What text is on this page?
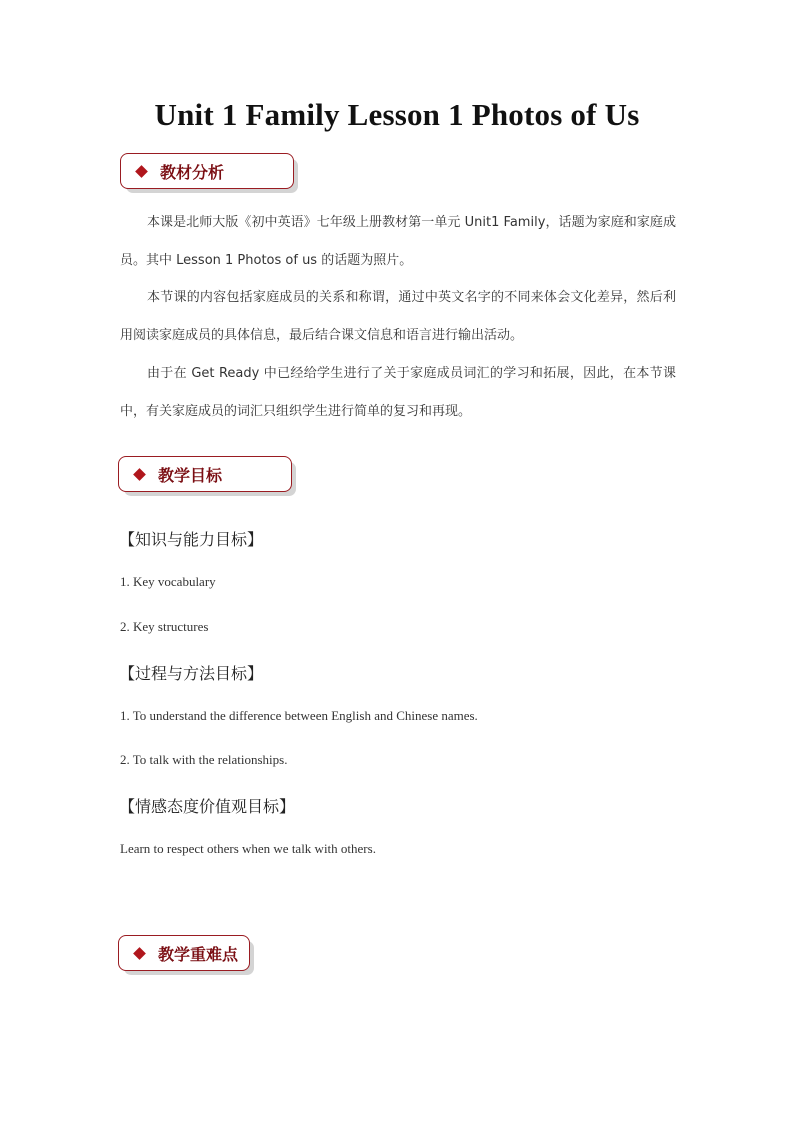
Unit 1 Family Lesson 1 Photos of Us
教材分析

本课是北师大版《初中英语》七年级上册教材第一单元 Unit1 Family，话题为家庭和家庭成员。其中 Lesson 1 Photos of us 的话题为照片。

本节课的内容包括家庭成员的关系和称谓，通过中英文名字的不同来体会文化差异，然后利用阅读家庭成员的具体信息，最后结合课文信息和语言进行输出活动。

由于在 Get Ready 中已经给学生进行了关于家庭成员词汇的学习和拓展，因此，在本节课中，有关家庭成员的词汇只组织学生进行简单的复习和再现。

教学目标
【知识与能力目标】
1. Key vocabulary
2. Key structures
【过程与方法目标】
1. To understand the difference between English and Chinese names.
2. To talk with the relationships.
【情感态度价值观目标】
Learn to respect others when we talk with others.
教学重难点
